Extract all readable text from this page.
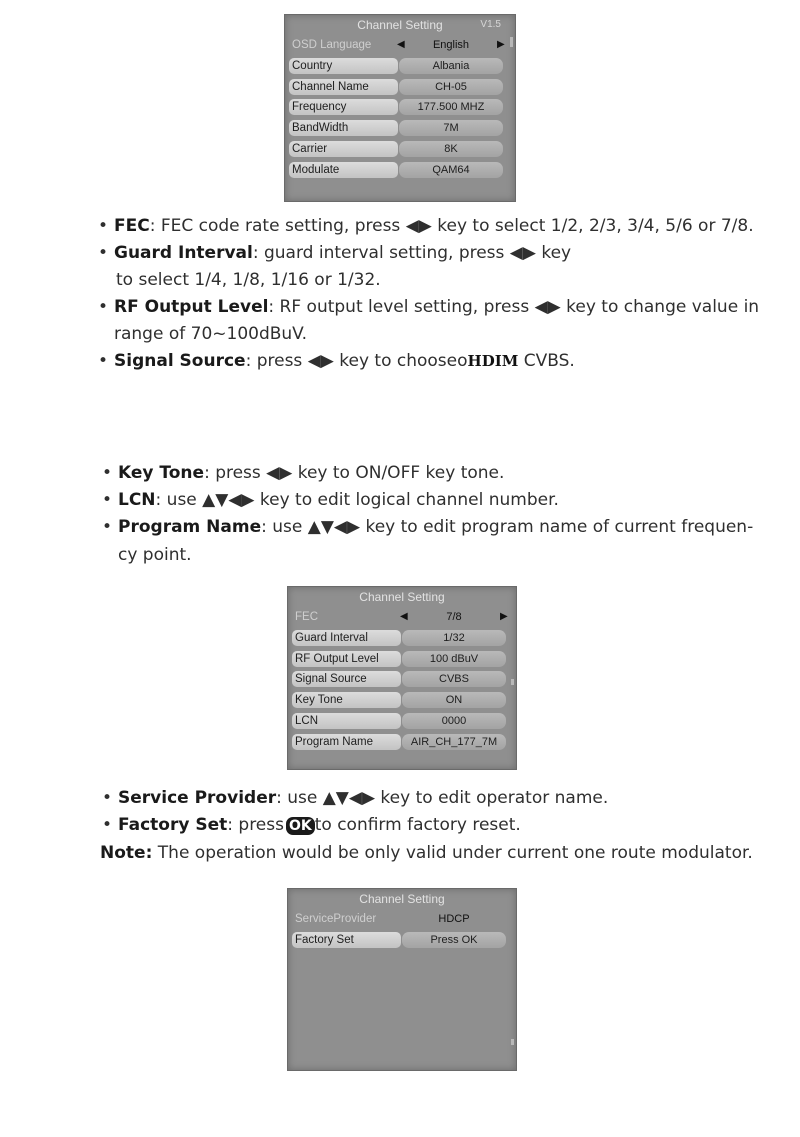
Channel Setting	V1.5
OSD Language	◀	English	▶
Country	Albania
Channel Name	CH-05
Frequency	177.500 MHZ
BandWidth	7M
Carrier	8K
Modulate	QAM64
• FEC: FEC code rate setting, press ◀▶ key to select 1/2, 2/3, 3/4, 5/6 or 7/8.
• Guard Interval: guard interval setting, press ◀▶ key
to select 1/4, 1/8, 1/16 or 1/32.
• RF Output Level: RF output level setting, press ◀▶ key to change value in
range of 70~100dBuV.
• Signal Source: press ◀▶ key to chooseoHDIM CVBS.
• Key Tone: press ◀▶ key to ON/OFF key tone.
• LCN: use ▲▼◀▶ key to edit logical channel number.
• Program Name: use ▲▼◀▶ key to edit program name of current frequen-
cy point.
Channel Setting
FEC	◀	7/8	▶
Guard Interval	1/32
RF Output Level	100 dBuV
Signal Source	CVBS
Key Tone	ON
LCN	0000
Program Name	AIR_CH_177_7M
• Service Provider: use ▲▼◀▶ key to edit operator name.
• Factory Set: press OK to confirm factory reset.
Note: The operation would be only valid under current one route modulator.
Channel Setting
ServiceProvider	HDCP
Factory Set	Press OK
